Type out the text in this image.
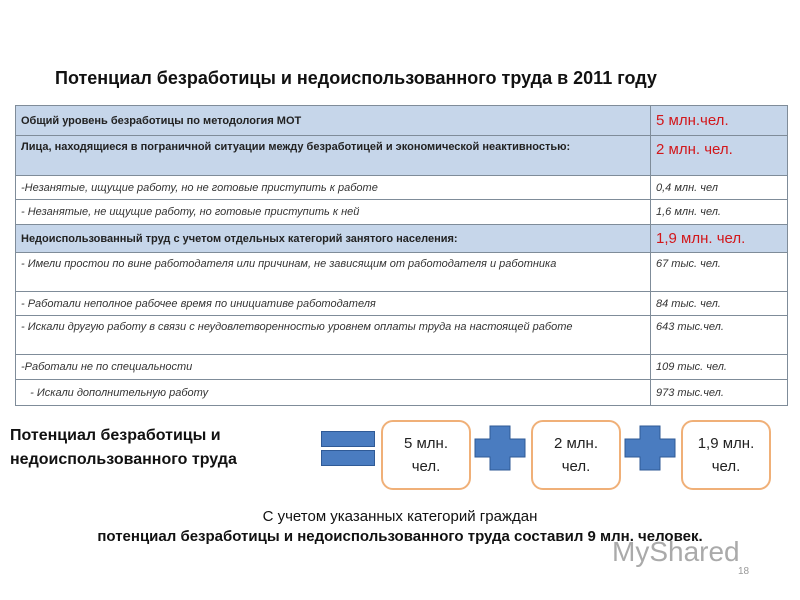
Потенциал безработицы и недоиспользованного труда в 2011 году
Общий уровень безработицы по методология МОТ	5 млн.чел.
Лица, находящиеся в пограничной ситуации между безработицей и экономической неактивностью:	2 млн. чел.
-Незанятые, ищущие работу, но не готовые приступить к работе	0,4 млн. чел
- Незанятые, не ищущие работу, но готовые приступить к ней	1,6 млн. чел.
Недоиспользованный труд с учетом отдельных категорий занятого населения:	1,9 млн. чел.
- Имели простои по вине работодателя или причинам, не зависящим от работодателя и работника	67 тыс. чел.
- Работали неполное рабочее время по инициативе работодателя	84 тыс. чел.
- Искали другую работу в связи с неудовлетворенностью уровнем оплаты труда на настоящей работе	643 тыс.чел.
-Работали не по специальности	109 тыс. чел.
- Искали дополнительную работу	973 тыс.чел.
Потенциал безработицы и недоиспользованного труда
5 млн. чел.
2 млн. чел.
1,9 млн. чел.
С учетом указанных категорий граждан
потенциал безработицы и недоиспользованного труда составил 9 млн. человек.
MyShared
18
